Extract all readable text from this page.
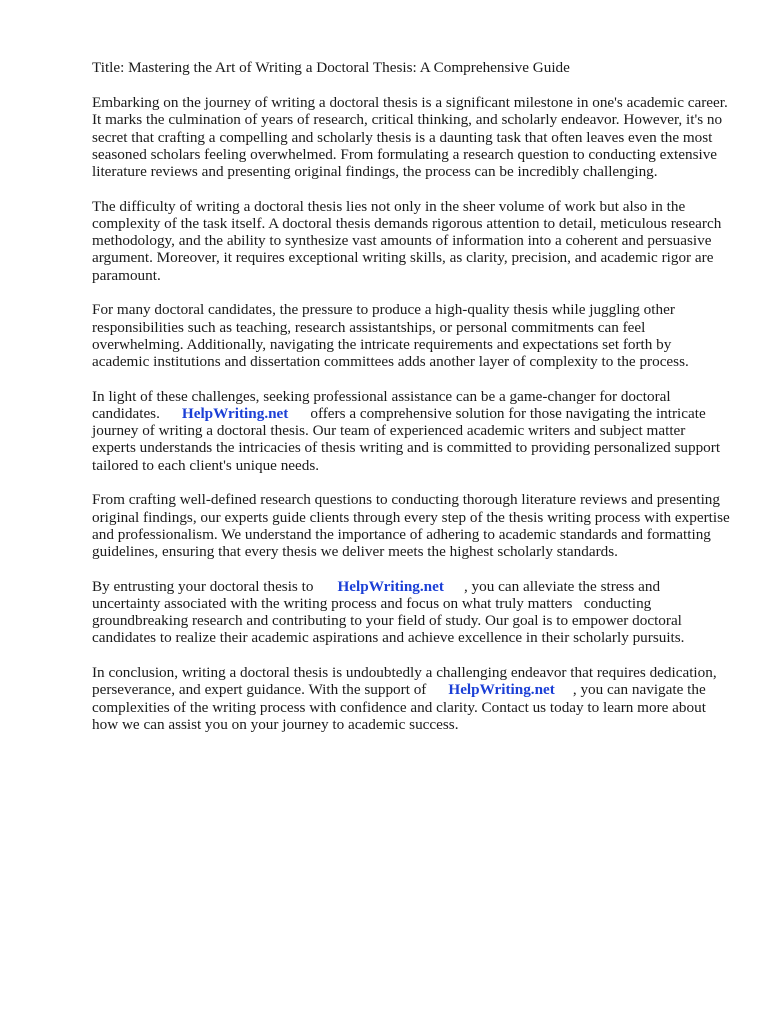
Title: Mastering the Art of Writing a Doctoral Thesis: A Comprehensive Guide

Embarking on the journey of writing a doctoral thesis is a significant milestone in one's academic career. It marks the culmination of years of research, critical thinking, and scholarly endeavor. However, it's no secret that crafting a compelling and scholarly thesis is a daunting task that often leaves even the most seasoned scholars feeling overwhelmed. From formulating a research question to conducting extensive literature reviews and presenting original findings, the process can be incredibly challenging.

The difficulty of writing a doctoral thesis lies not only in the sheer volume of work but also in the complexity of the task itself. A doctoral thesis demands rigorous attention to detail, meticulous research methodology, and the ability to synthesize vast amounts of information into a coherent and persuasive argument. Moreover, it requires exceptional writing skills, as clarity, precision, and academic rigor are paramount.

For many doctoral candidates, the pressure to produce a high-quality thesis while juggling other responsibilities such as teaching, research assistantships, or personal commitments can feel overwhelming. Additionally, navigating the intricate requirements and expectations set forth by academic institutions and dissertation committees adds another layer of complexity to the process.

In light of these challenges, seeking professional assistance can be a game-changer for doctoral candidates. HelpWriting.net offers a comprehensive solution for those navigating the intricate journey of writing a doctoral thesis. Our team of experienced academic writers and subject matter experts understands the intricacies of thesis writing and is committed to providing personalized support tailored to each client's unique needs.

From crafting well-defined research questions to conducting thorough literature reviews and presenting original findings, our experts guide clients through every step of the thesis writing process with expertise and professionalism. We understand the importance of adhering to academic standards and formatting guidelines, ensuring that every thesis we deliver meets the highest scholarly standards.

By entrusting your doctoral thesis to HelpWriting.net , you can alleviate the stress and uncertainty associated with the writing process and focus on what truly matters   conducting groundbreaking research and contributing to your field of study. Our goal is to empower doctoral candidates to realize their academic aspirations and achieve excellence in their scholarly pursuits.

In conclusion, writing a doctoral thesis is undoubtedly a challenging endeavor that requires dedication, perseverance, and expert guidance. With the support of HelpWriting.net , you can navigate the complexities of the writing process with confidence and clarity. Contact us today to learn more about how we can assist you on your journey to academic success.
